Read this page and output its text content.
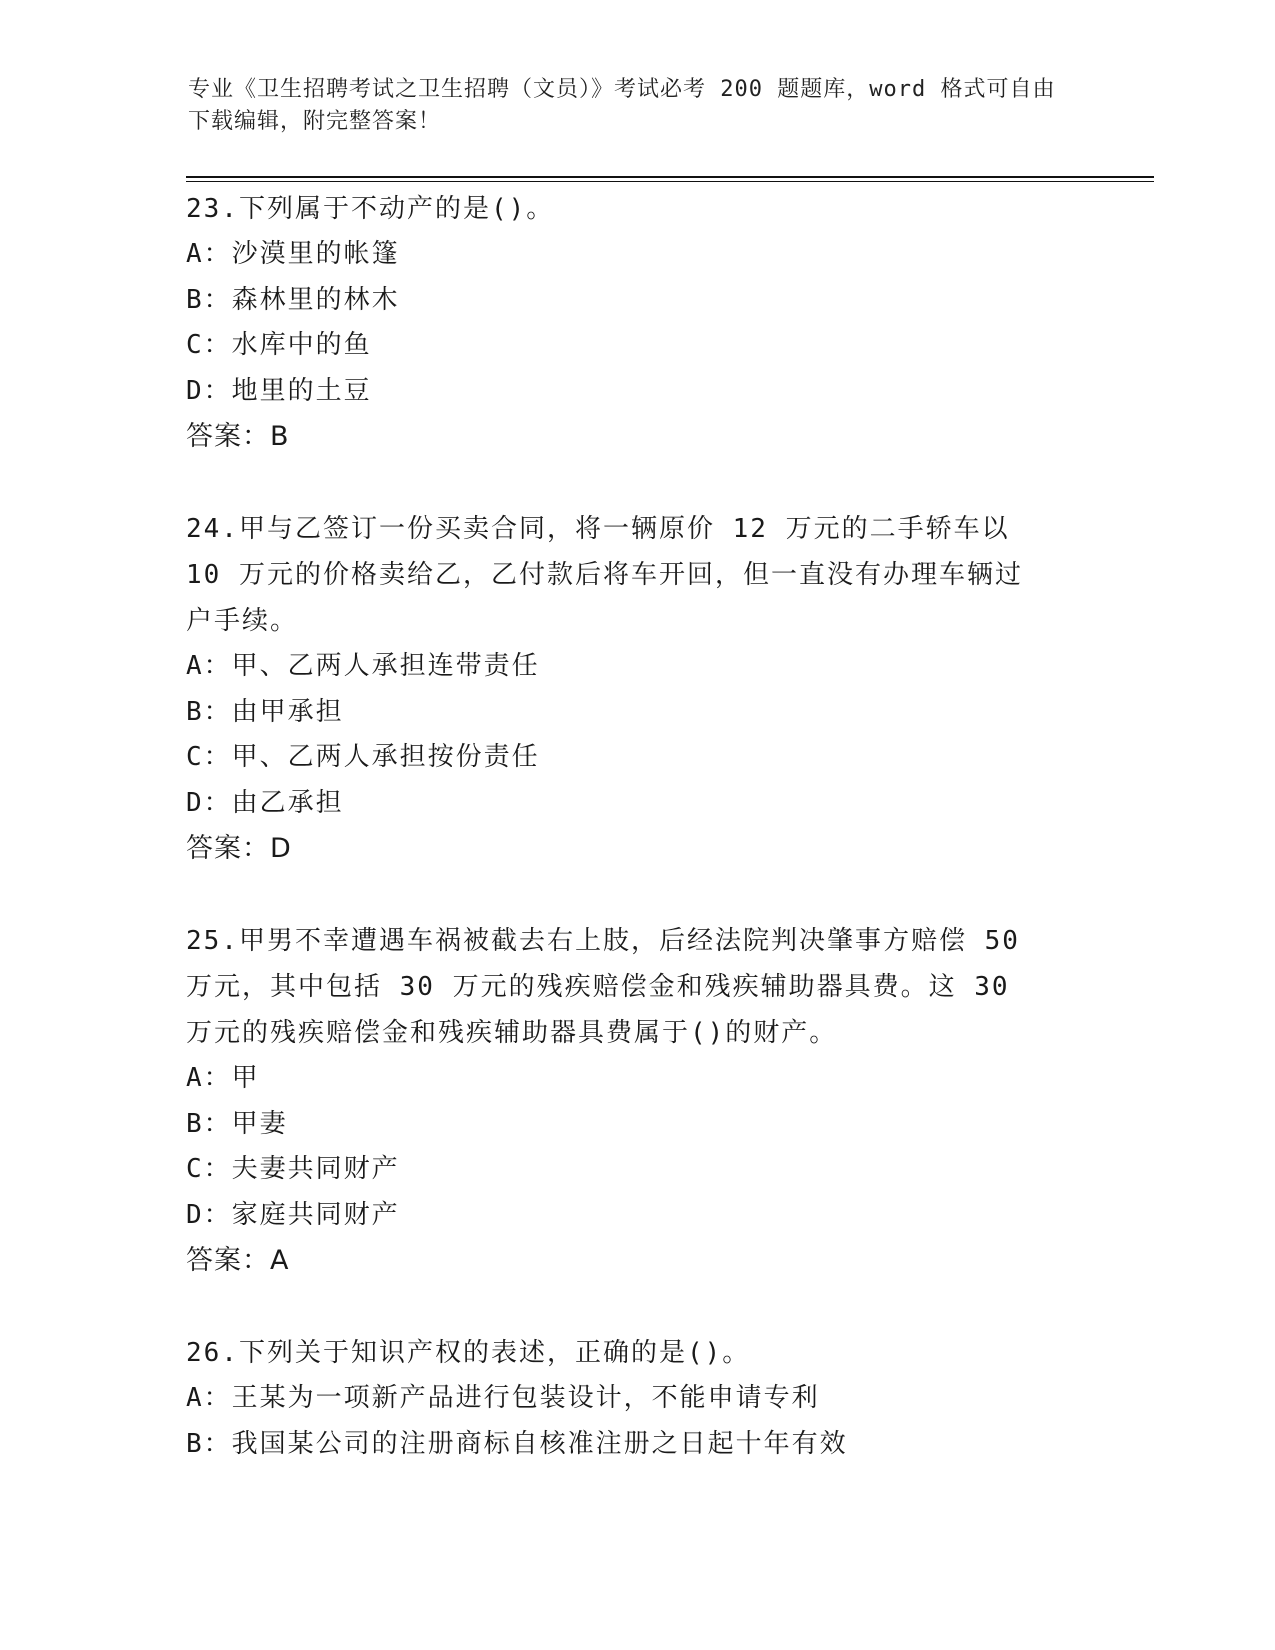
专业《卫生招聘考试之卫生招聘（文员）》考试必考 200 题题库，word 格式可自由下载编辑，附完整答案！

23.下列属于不动产的是()。

A：沙漠里的帐篷

B：森林里的林木

C：水库中的鱼

D：地里的土豆

答案：B

24.甲与乙签订一份买卖合同，将一辆原价 12 万元的二手轿车以 10 万元的价格卖给乙，乙付款后将车开回，但一直没有办理车辆过户手续。

A：甲、乙两人承担连带责任

B：由甲承担

C：甲、乙两人承担按份责任

D：由乙承担

答案：D

25.甲男不幸遭遇车祸被截去右上肢，后经法院判决肇事方赔偿 50 万元，其中包括 30 万元的残疾赔偿金和残疾辅助器具费。这 30 万元的残疾赔偿金和残疾辅助器具费属于()的财产。

A：甲

B：甲妻

C：夫妻共同财产

D：家庭共同财产

答案：A

26.下列关于知识产权的表述，正确的是()。

A：王某为一项新产品进行包装设计，不能申请专利

B：我国某公司的注册商标自核准注册之日起十年有效
